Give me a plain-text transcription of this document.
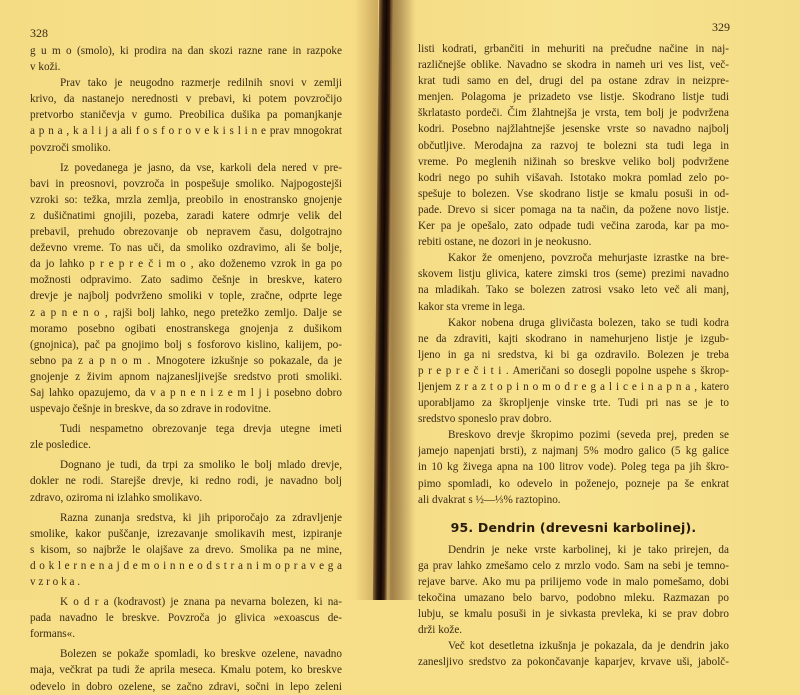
328
g u m o (smolo), ki prodira na dan skozi razne rane in razpoke
v koži.
Prav tako je neugodno razmerje redilnih snovi v zemlji
krivo, da nastanejo nerednosti v prebavi, ki potem povzročijo
pretvorbo staničevja v gumo. Preobilica dušika pa pomanjkanje
a p n a , k a l i j a ali f o s f o r o v e k i s l i n e prav mnogokrat
povzroči smoliko.
Iz povedanega je jasno, da vse, karkoli dela nered v pre-
bavi in preosnovi, povzroča in pospešuje smoliko. Najpogostejši
vzroki so: težka, mrzla zemlja, preobilo in enostransko gnojenje
z dušičnatimi gnojili, pozeba, zaradi katere odmrje velik del
prebavil, prehudo obrezovanje ob nepravem času, dolgotrajno
deževno vreme. To nas uči, da smoliko ozdravimo, ali še bolje,
da jo lahko p r e p r e č i m o , ako doženemo vzrok in ga po
možnosti odpravimo. Zato sadimo češnje in breskve, katero
drevje je najbolj podvrženo smoliki v tople, zračne, odprte lege
z a p n e n o , rajši bolj lahko, nego pretežko zemljo. Dalje se
moramo posebno ogibati enostranskega gnojenja z dušikom
(gnojnica), pač pa gnojimo bolj s fosforovo kislino, kalijem, po-
sebno pa z a p n o m . Mnogotere izkušnje so pokazale, da je
gnojenje z živim apnom najzanesljivejše sredstvo proti smoliki.
Saj lahko opazujemo, da v a p n e n i z e m l j i posebno dobro
uspevajo češnje in breskve, da so zdrave in rodovitne.
Tudi nespametno obrezovanje tega drevja utegne imeti
zle posledice.
Dognano je tudi, da trpi za smoliko le bolj mlado drevje,
dokler ne rodi. Starejše drevje, ki redno rodi, je navadno bolj
zdravo, oziroma ni izlahko smolikavo.
Razna zunanja sredstva, ki jih priporočajo za zdravljenje
smolike, kakor puščanje, izrezavanje smolikavih mest, izpiranje
s kisom, so najbrže le olajšave za drevo. Smolika pa ne mine,
d o k l e r n e n a j d e m o i n n e o d s t r a n i m o p r a v e g a
v z r o k a .
K o d r a (kodravost) je znana pa nevarna bolezen, ki na-
pada navadno le breskve. Povzroča jo glivica »exoascus de-
formans«.
Bolezen se pokaže spomladi, ko breskve ozelene, navadno
maja, večkrat pa tudi že aprila meseca. Kmalu potem, ko breskve
odevelo in dobro ozelene, se začno zdravi, sočni in lepo zeleni
329
listi kodrati, grbančiti in mehuriti na prečudne načine in naj-
različnejše oblike. Navadno se skodra in nameh uri ves list, več-
krat tudi samo en del, drugi del pa ostane zdrav in neizpre-
menjen. Polagoma je prizadeto vse listje. Skodrano listje tudi
škrlatasto pordeči. Čim žlahtnejša je vrsta, tem bolj je podvržena
kodri. Posebno najžlahtnejše jesenske vrste so navadno najbolj
občutljive. Merodajna za razvoj te bolezni sta tudi lega in
vreme. Po meglenih nižinah so breskve veliko bolj podvržene
kodri nego po suhih višavah. Istotako mokra pomlad zelo po-
spešuje to bolezen. Vse skodrano listje se kmalu posuši in od-
pade. Drevo si sicer pomaga na ta način, da požene novo listje.
Ker pa je opešalo, zato odpade tudi večina zaroda, kar pa mo-
rebiti ostane, ne dozori in je neokusno.
Kakor že omenjeno, povzroča mehurjaste izrastke na bre-
skovem listju glivica, katere zimski tros (seme) prezimi navadno
na mladikah. Tako se bolezen zatrosi vsako leto več ali manj,
kakor sta vreme in lega.
Kakor nobena druga glivičasta bolezen, tako se tudi kodra
ne da zdraviti, kajti skodrano in namehurjeno listje je izgub-
ljeno in ga ni sredstva, ki bi ga ozdravilo. Bolezen je treba
p r e p r e č i t i . Američani so dosegli popolne uspehe s škrop-
ljenjem z r a z t o p i n o m o d r e g a l i c e i n a p n a , katero
uporabljamo za škropljenje vinske trte. Tudi pri nas se je to
sredstvo sponeslo prav dobro.
Breskovo drevje škropimo pozimi (seveda prej, preden se
jamejo napenjati brsti), z najmanj 5% modro galico (5 kg galice
in 10 kg živega apna na 100 litrov vode). Poleg tega pa jih škro-
pimo spomladi, ko odevelo in poženejo, pozneje pa še enkrat
ali dvakrat s ½—⅓% raztopino.
95. Dendrin (drevesni karbolinej).
Dendrin je neke vrste karbolinej, ki je tako prirejen, da
ga prav lahko zmešamo celo z mrzlo vodo. Sam na sebi je temno-
rejave barve. Ako mu pa prilijemo vode in malo pomešamo, dobi
tekočina umazano belo barvo, podobno mleku. Razmazan po
lubju, se kmalu posuši in je sivkasta prevleka, ki se prav dobro
drži kože.
Več kot desetletna izkušnja je pokazala, da je dendrin jako
zanesljivo sredstvo za pokončavanje kaparjev, krvave uši, jabolč-
